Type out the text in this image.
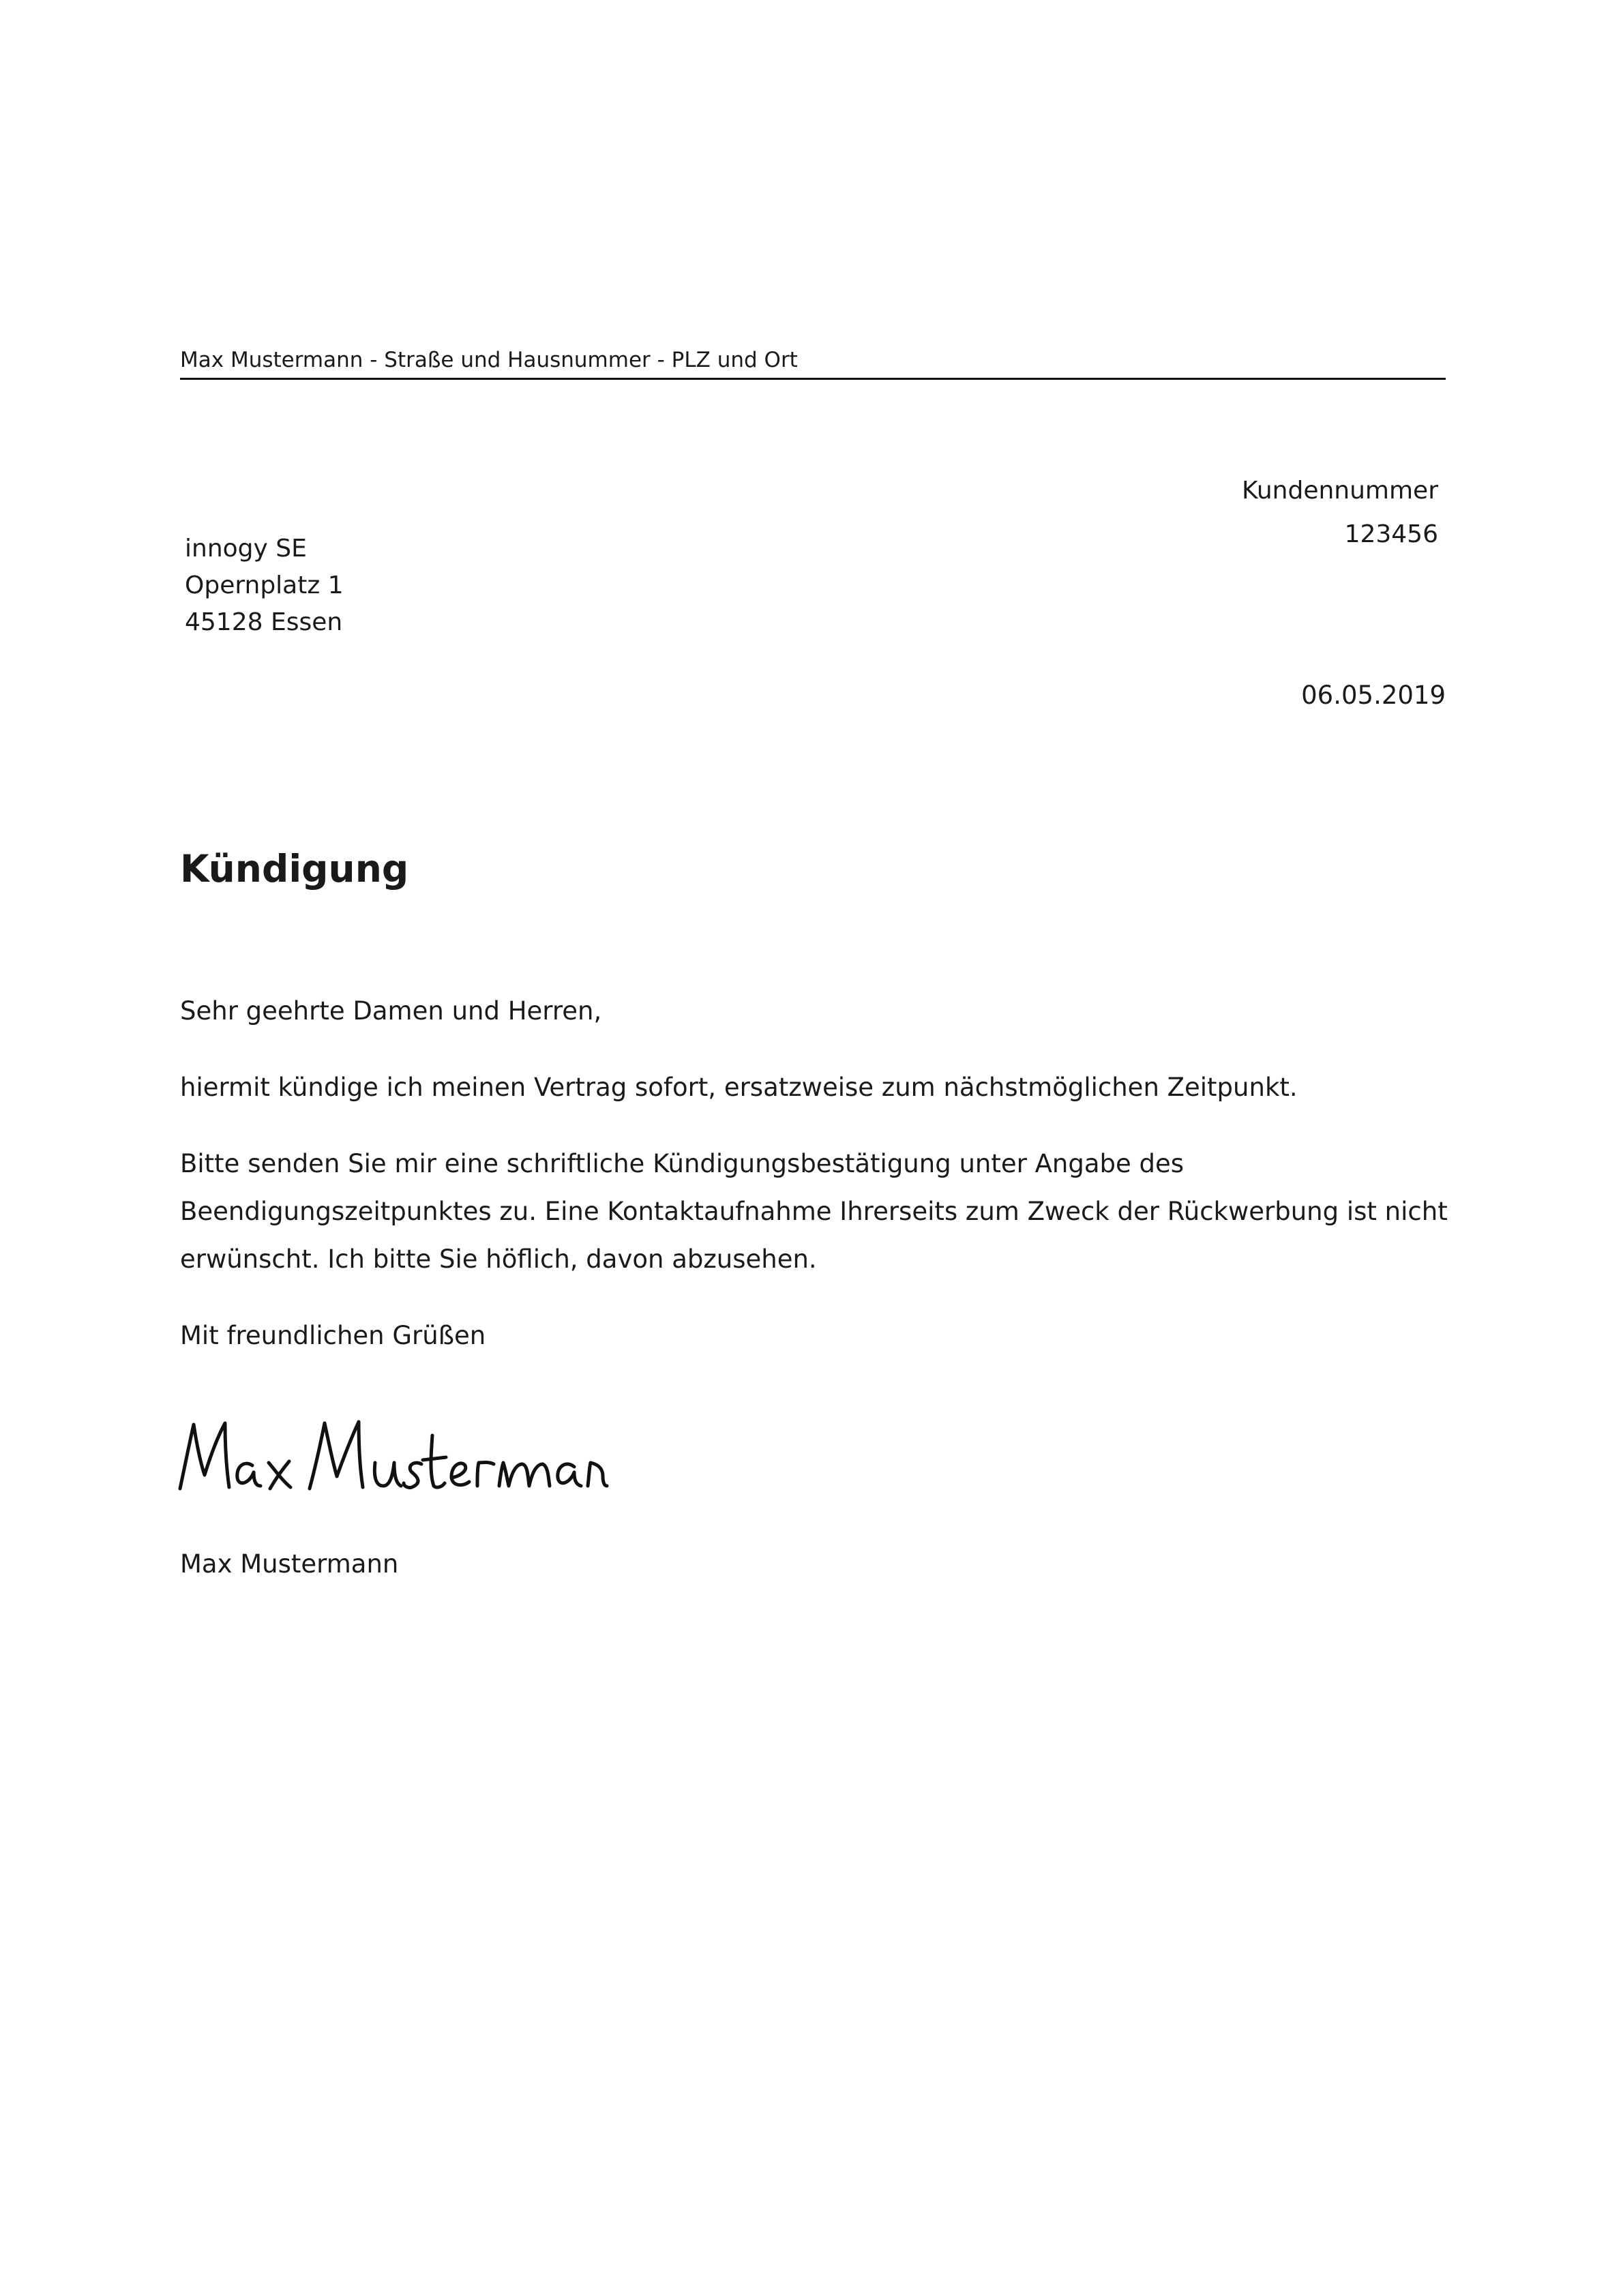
Max Mustermann - Straße und Hausnummer - PLZ und Ort
Kundennummer
123456
innogy SE
Opernplatz 1
45128 Essen
06.05.2019
Kündigung

Sehr geehrte Damen und Herren,

hiermit kündige ich meinen Vertrag sofort, ersatzweise zum nächstmöglichen Zeitpunkt.

Bitte senden Sie mir eine schriftliche Kündigungsbestätigung unter Angabe des Beendigungszeitpunktes zu. Eine Kontaktaufnahme Ihrerseits zum Zweck der Rückwerbung ist nicht erwünscht. Ich bitte Sie höflich, davon abzusehen.

Mit freundlichen Grüßen

Max Mustermann
